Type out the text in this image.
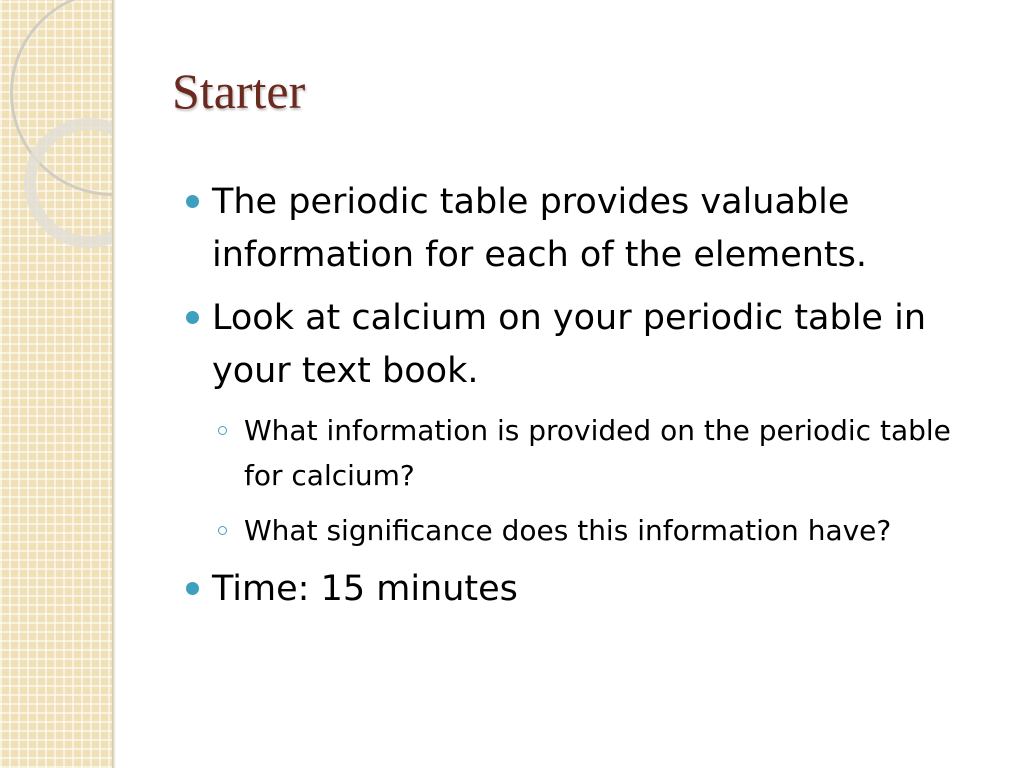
Starter
The periodic table provides valuable information for each of the elements.
Look at calcium on your periodic table in your text book.
What information is provided on the periodic table for calcium?
What significance does this information have?
Time: 15 minutes
